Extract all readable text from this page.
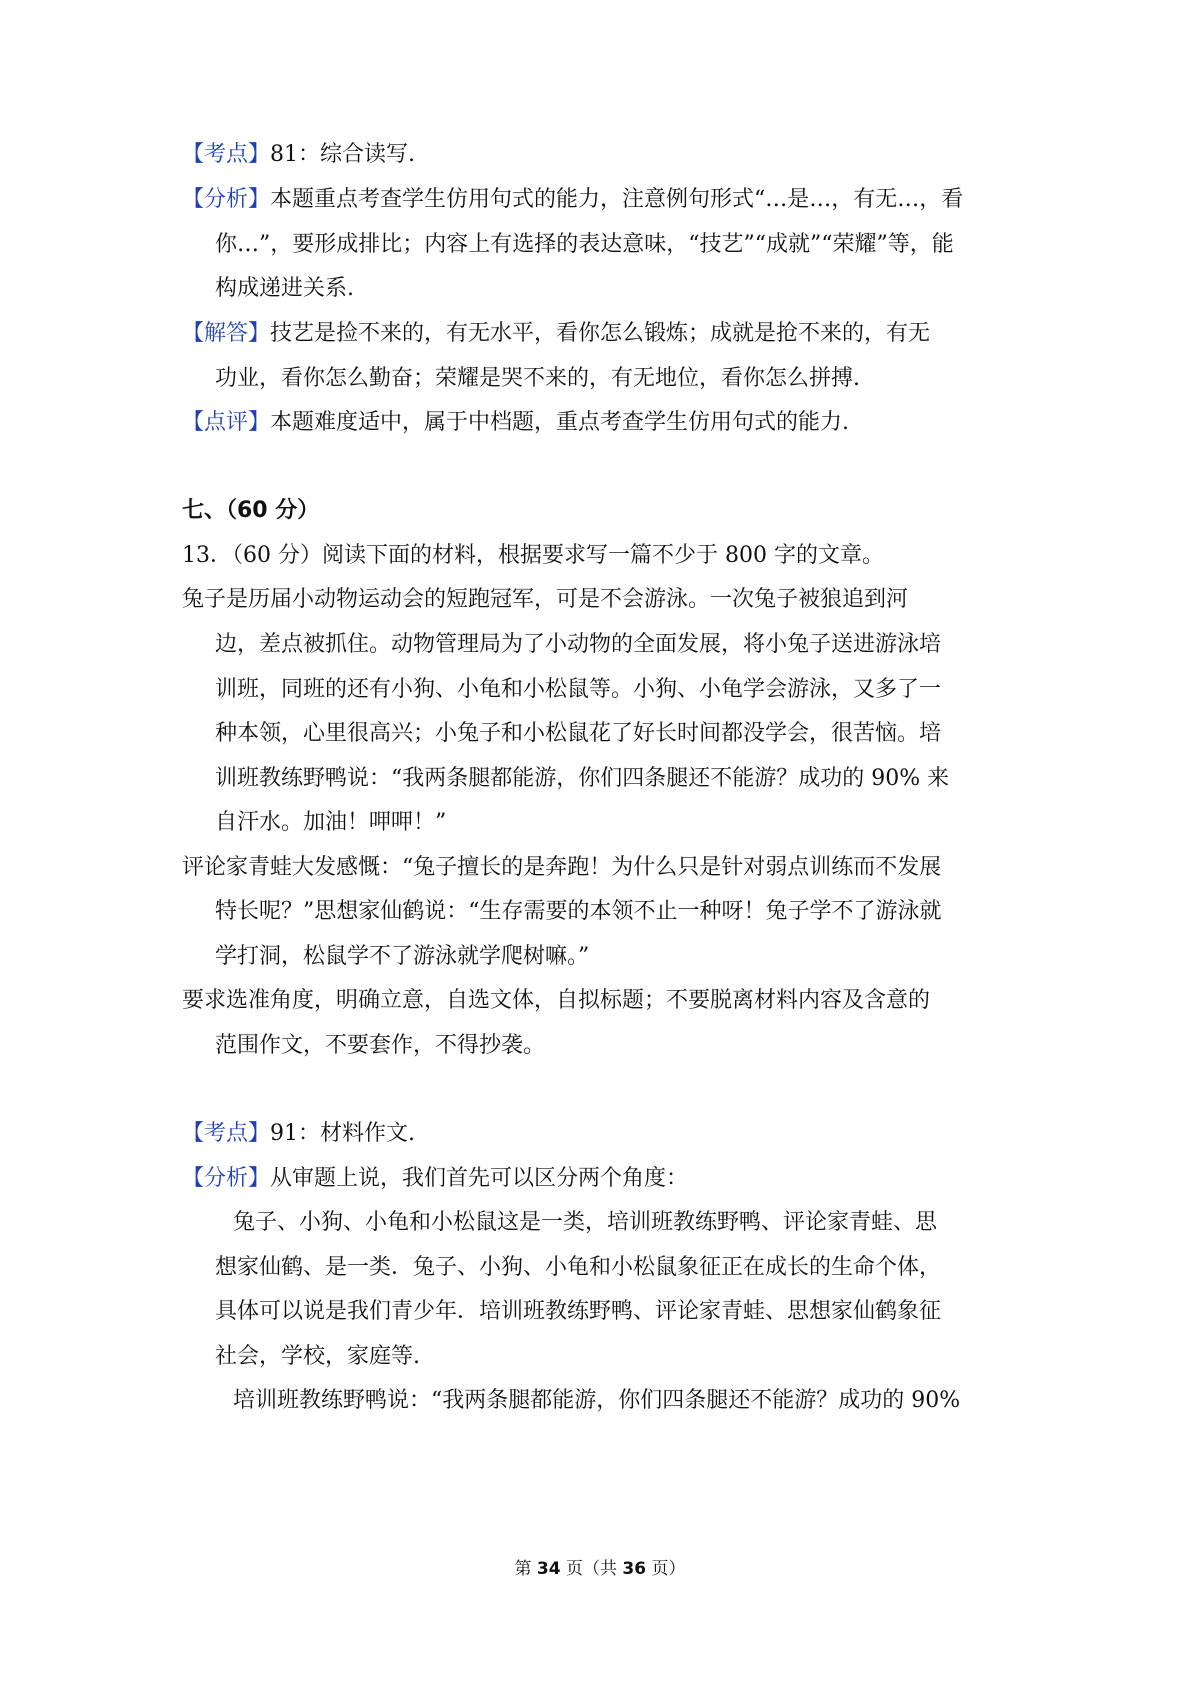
【考点】81：综合读写.
【分析】本题重点考查学生仿用句式的能力，注意例句形式“…是…，有无…，看
你…”，要形成排比；内容上有选择的表达意味，“技艺”“成就”“荣耀”等，能
构成递进关系.
【解答】技艺是捡不来的，有无水平，看你怎么锻炼；成就是抢不来的，有无
功业，看你怎么勤奋；荣耀是哭不来的，有无地位，看你怎么拼搏.
【点评】本题难度适中，属于中档题，重点考查学生仿用句式的能力.
七、（60 分）
13．（60 分）阅读下面的材料，根据要求写一篇不少于 800 字的文章。
兔子是历届小动物运动会的短跑冠军，可是不会游泳。一次兔子被狼追到河
边，差点被抓住。动物管理局为了小动物的全面发展，将小兔子送进游泳培
训班，同班的还有小狗、小龟和小松鼠等。小狗、小龟学会游泳，又多了一
种本领，心里很高兴；小兔子和小松鼠花了好长时间都没学会，很苦恼。培
训班教练野鸭说：“我两条腿都能游，你们四条腿还不能游？成功的 90% 来
自汗水。加油！呷呷！”
评论家青蛙大发感慨：“兔子擅长的是奔跑！为什么只是针对弱点训练而不发展
特长呢？”思想家仙鹤说：“生存需要的本领不止一种呀！兔子学不了游泳就
学打洞，松鼠学不了游泳就学爬树嘛。”
要求选准角度，明确立意，自选文体，自拟标题；不要脱离材料内容及含意的
范围作文，不要套作，不得抄袭。
【考点】91：材料作文.
【分析】从审题上说，我们首先可以区分两个角度：
兔子、小狗、小龟和小松鼠这是一类，培训班教练野鸭、评论家青蛙、思
想家仙鹤、是一类．兔子、小狗、小龟和小松鼠象征正在成长的生命个体，
具体可以说是我们青少年．培训班教练野鸭、评论家青蛙、思想家仙鹤象征
社会，学校，家庭等.
培训班教练野鸭说：“我两条腿都能游，你们四条腿还不能游？成功的 90%
第 34 页（共 36 页）
